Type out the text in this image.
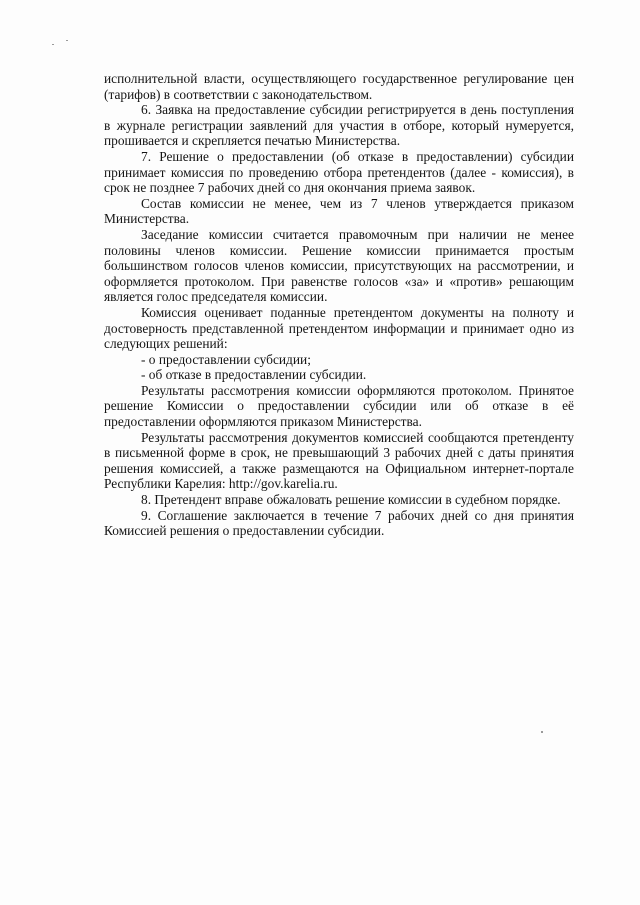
исполнительной власти, осуществляющего государственное регулирование цен (тарифов) в соответствии с законодательством.

6. Заявка на предоставление субсидии регистрируется в день поступления в журнале регистрации заявлений для участия в отборе, который нумеруется, прошивается и скрепляется печатью Министерства.

7. Решение о предоставлении (об отказе в предоставлении) субсидии принимает комиссия по проведению отбора претендентов (далее - комиссия), в срок не позднее 7 рабочих дней со дня окончания приема заявок.

Состав комиссии не менее, чем из 7 членов утверждается приказом Министерства.

Заседание комиссии считается правомочным при наличии не менее половины членов комиссии. Решение комиссии принимается простым большинством голосов членов комиссии, присутствующих на рассмотрении, и оформляется протоколом. При равенстве голосов «за» и «против» решающим является голос председателя комиссии.

Комиссия оценивает поданные претендентом документы на полноту и достоверность представленной претендентом информации и принимает одно из следующих решений:

- о предоставлении субсидии;

- об отказе в предоставлении субсидии.

Результаты рассмотрения комиссии оформляются протоколом. Принятое решение Комиссии о предоставлении субсидии или об отказе в её предоставлении оформляются приказом Министерства.

Результаты рассмотрения документов комиссией сообщаются претенденту в письменной форме в срок, не превышающий 3 рабочих дней с даты принятия решения комиссией, а также размещаются на Официальном интернет-портале Республики Карелия: http://gov.karelia.ru.

8. Претендент вправе обжаловать решение комиссии в судебном порядке.

9. Соглашение заключается в течение 7 рабочих дней со дня принятия Комиссией решения о предоставлении субсидии.
